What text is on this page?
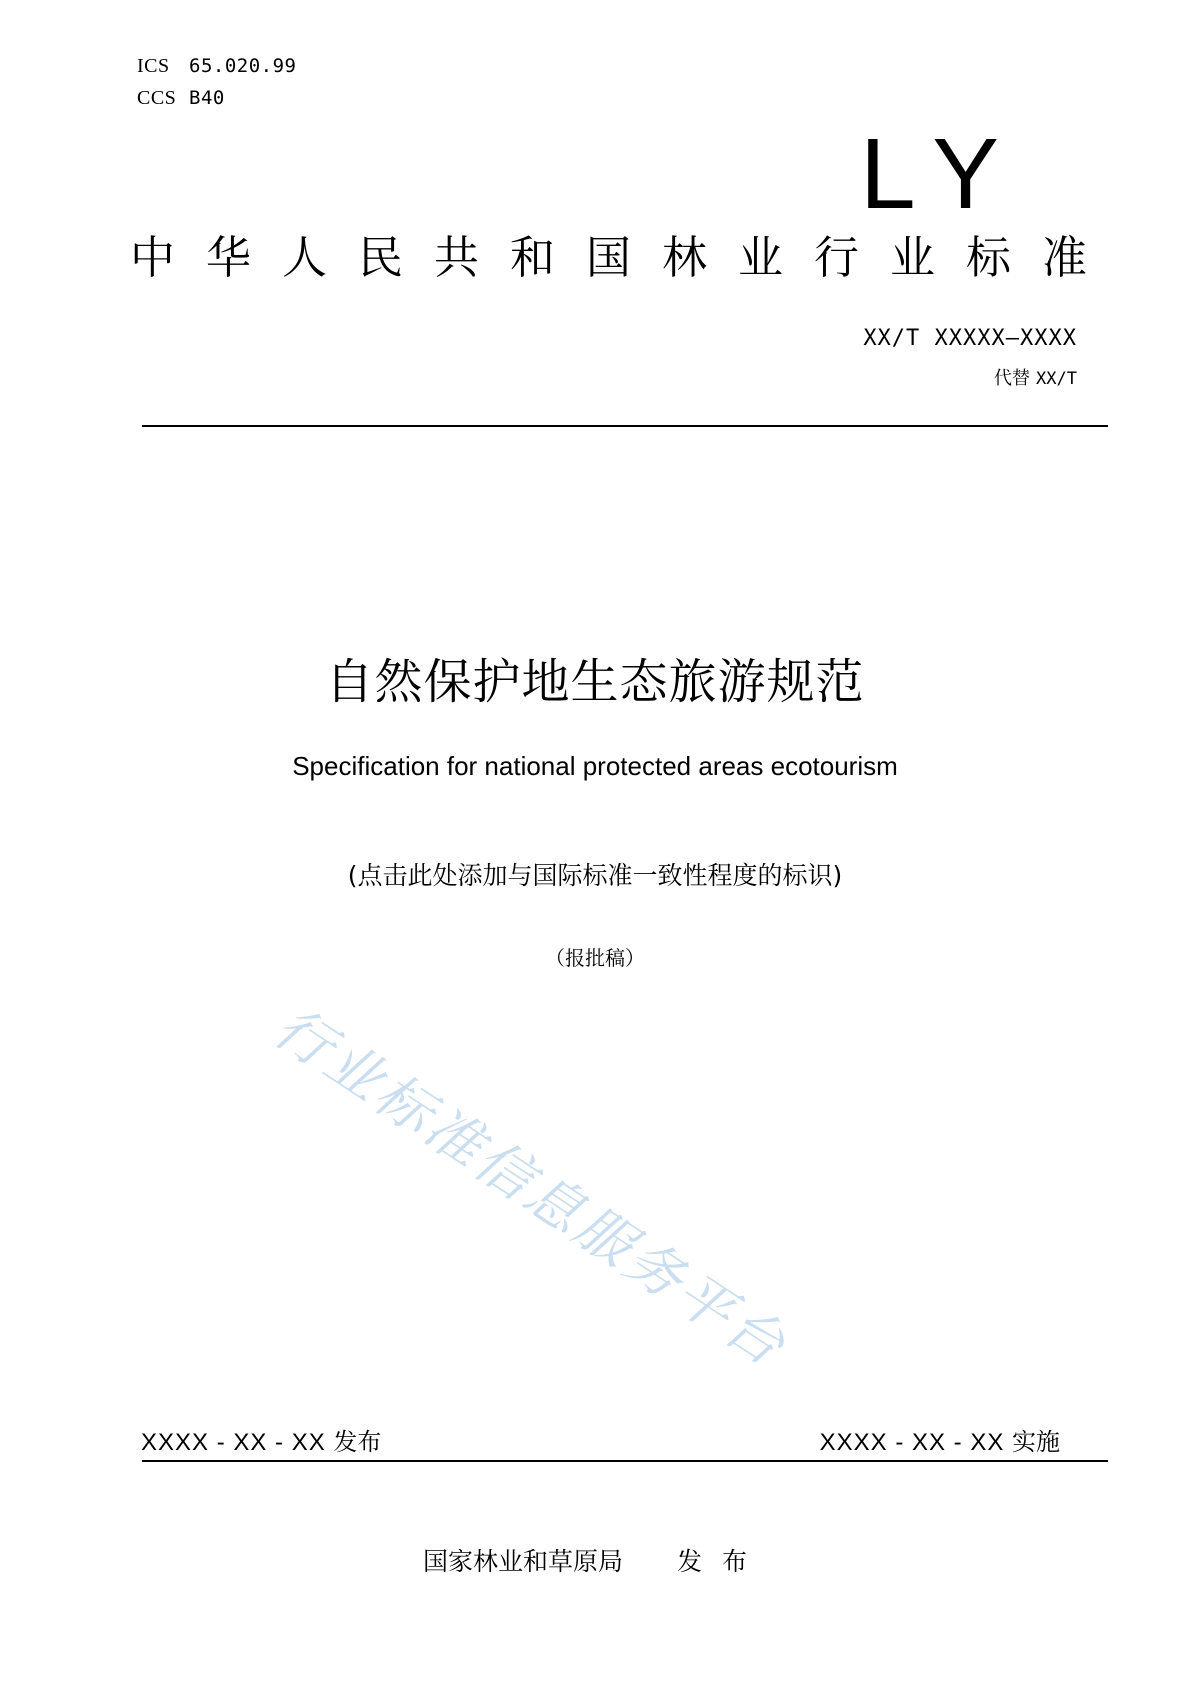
ICS 65.020.99
CCS B40
LY
中华人民共和国林业行业标准
XX/T XXXXX—XXXX
代替 XX/T
自然保护地生态旅游规范
Specification for national protected areas ecotourism
(点击此处添加与国际标准一致性程度的标识)
（报批稿）
行业标准信息服务平台
XXXX - XX - XX 发布	XXXX - XX - XX 实施
国家林业和草原局 发布
